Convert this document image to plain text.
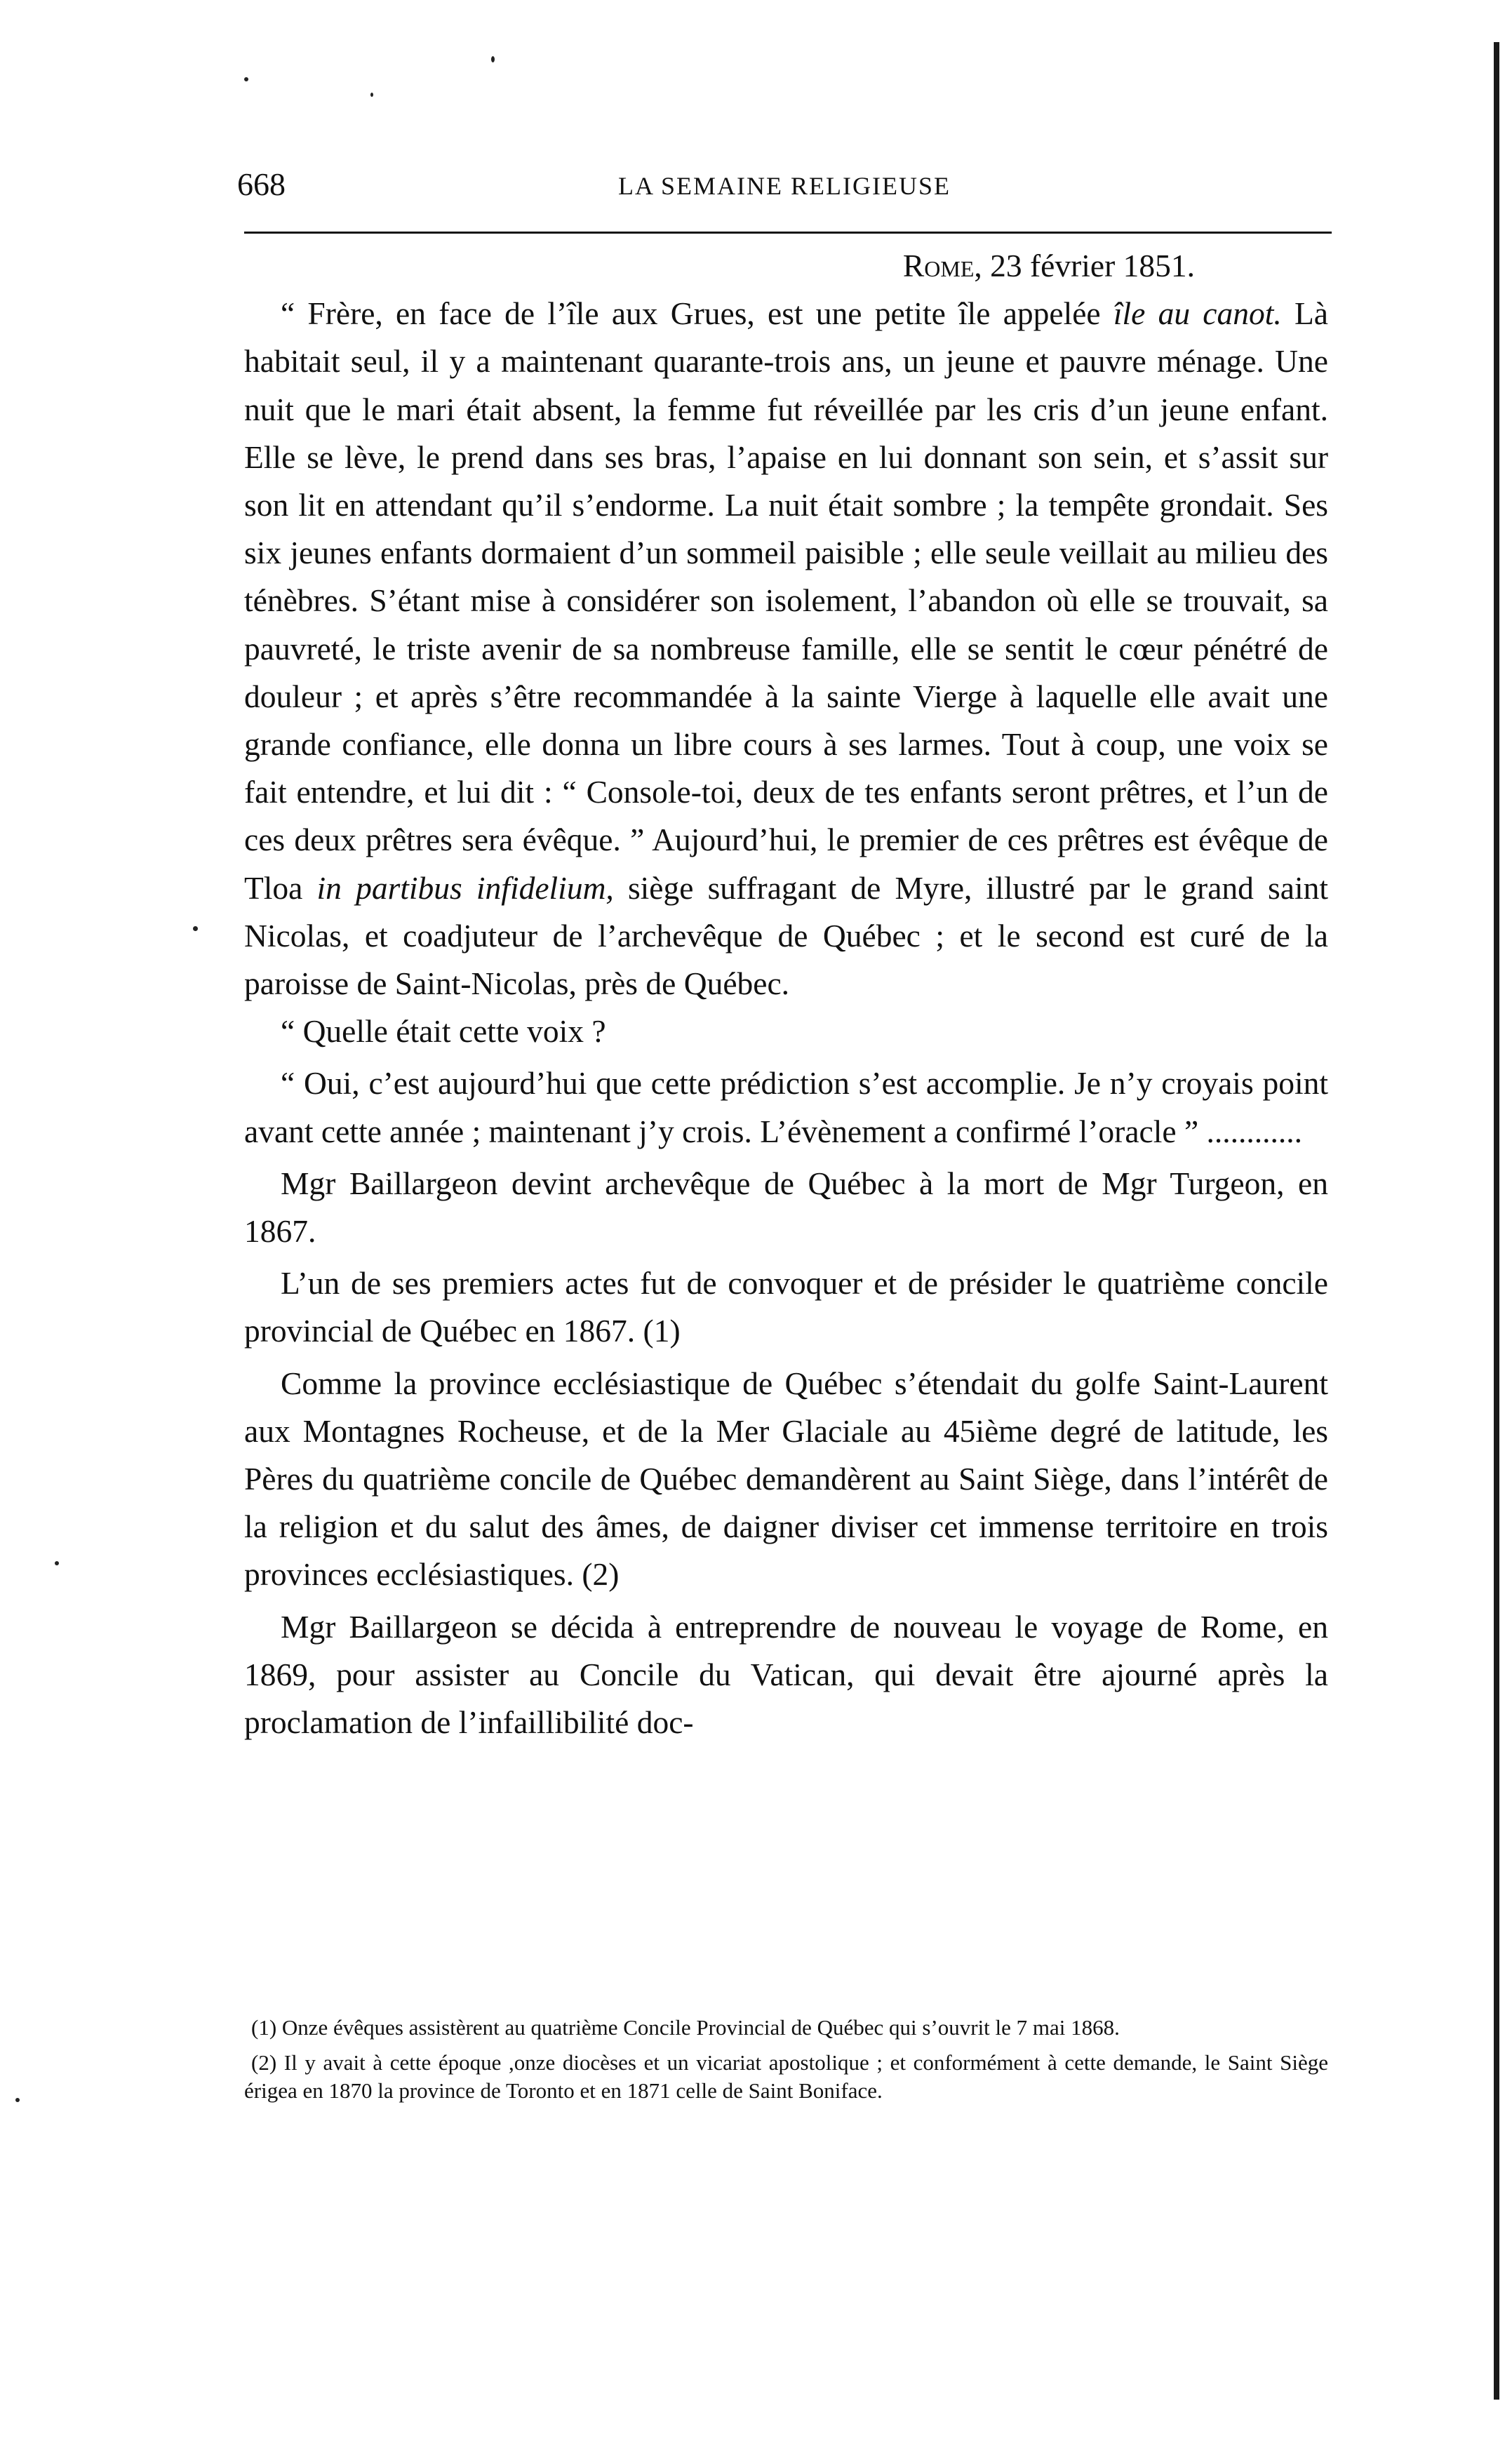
668	LA SEMAINE RELIGIEUSE

Rome, 23 février 1851.

“ Frère, en face de l’île aux Grues, est une petite île appelée île au canot. Là habitait seul, il y a maintenant quarante-trois ans, un jeune et pauvre ménage. Une nuit que le mari était absent, la femme fut réveillée par les cris d’un jeune enfant. Elle se lève, le prend dans ses bras, l’apaise en lui donnant son sein, et s’assit sur son lit en attendant qu’il s’endorme. La nuit était sombre ; la tempête grondait. Ses six jeunes enfants dormaient d’un sommeil paisible ; elle seule veillait au milieu des ténèbres. S’étant mise à considérer son isolement, l’abandon où elle se trouvait, sa pauvreté, le triste avenir de sa nombreuse famille, elle se sentit le cœur pénétré de douleur ; et après s’être recommandée à la sainte Vierge à laquelle elle avait une grande confiance, elle donna un libre cours à ses larmes. Tout à coup, une voix se fait entendre, et lui dit : “ Console-toi, deux de tes enfants seront prêtres, et l’un de ces deux prêtres sera évêque. ” Aujourd’hui, le premier de ces prêtres est évêque de Tloa in partibus infidelium, siège suffragant de Myre, illustré par le grand saint Nicolas, et coadjuteur de l’archevêque de Québec ; et le second est curé de la paroisse de Saint-Nicolas, près de Québec.

“ Quelle était cette voix ?

“ Oui, c’est aujourd’hui que cette prédiction s’est accomplie. Je n’y croyais point avant cette année ; maintenant j’y crois. L’évènement a confirmé l’oracle ” ............

Mgr Baillargeon devint archevêque de Québec à la mort de Mgr Turgeon, en 1867.

L’un de ses premiers actes fut de convoquer et de présider le quatrième concile provincial de Québec en 1867. (1)

Comme la province ecclésiastique de Québec s’étendait du golfe Saint-Laurent aux Montagnes Rocheuse, et de la Mer Glaciale au 45ième degré de latitude, les Pères du quatrième concile de Québec demandèrent au Saint Siège, dans l’intérêt de la religion et du salut des âmes, de daigner diviser cet immense territoire en trois provinces ecclésiastiques. (2)

Mgr Baillargeon se décida à entreprendre de nouveau le voyage de Rome, en 1869, pour assister au Concile du Vatican, qui devait être ajourné après la proclamation de l’infaillibilité doc-

(1) Onze évêques assistèrent au quatrième Concile Provincial de Québec qui s’ouvrit le 7 mai 1868.

(2) Il y avait à cette époque ,onze diocèses et un vicariat apostolique ; et conformément à cette demande, le Saint Siège érigea en 1870 la province de Toronto et en 1871 celle de Saint Boniface.
